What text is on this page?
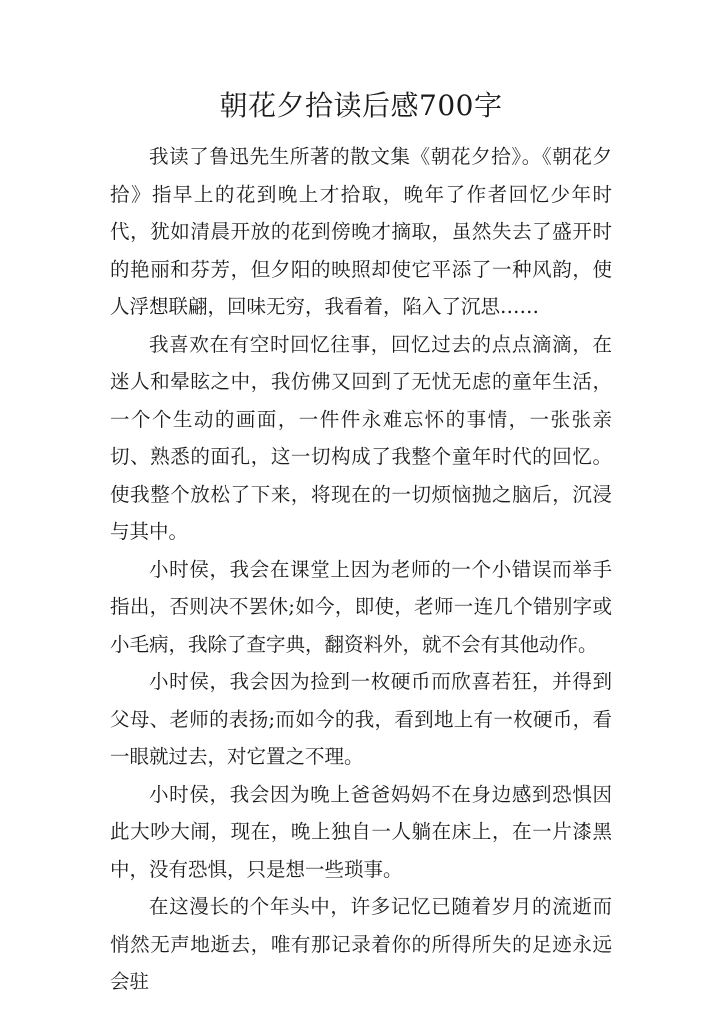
朝花夕拾读后感700字

我读了鲁迅先生所著的散文集《朝花夕拾》。《朝花夕拾》指早上的花到晚上才拾取，晚年了作者回忆少年时代，犹如清晨开放的花到傍晚才摘取，虽然失去了盛开时的艳丽和芬芳，但夕阳的映照却使它平添了一种风韵，使人浮想联翩，回味无穷，我看着，陷入了沉思……

我喜欢在有空时回忆往事，回忆过去的点点滴滴，在迷人和晕眩之中，我仿佛又回到了无忧无虑的童年生活，一个个生动的画面，一件件永难忘怀的事情，一张张亲切、熟悉的面孔，这一切构成了我整个童年时代的回忆。使我整个放松了下来，将现在的一切烦恼抛之脑后，沉浸与其中。

小时侯，我会在课堂上因为老师的一个小错误而举手指出，否则决不罢休;如今，即使，老师一连几个错别字或小毛病，我除了查字典，翻资料外，就不会有其他动作。

小时侯，我会因为捡到一枚硬币而欣喜若狂，并得到父母、老师的表扬;而如今的我，看到地上有一枚硬币，看一眼就过去，对它置之不理。

小时侯，我会因为晚上爸爸妈妈不在身边感到恐惧因此大吵大闹，现在，晚上独自一人躺在床上，在一片漆黑中，没有恐惧，只是想一些琐事。

在这漫长的个年头中，许多记忆已随着岁月的流逝而悄然无声地逝去，唯有那记录着你的所得所失的足迹永远会驻
